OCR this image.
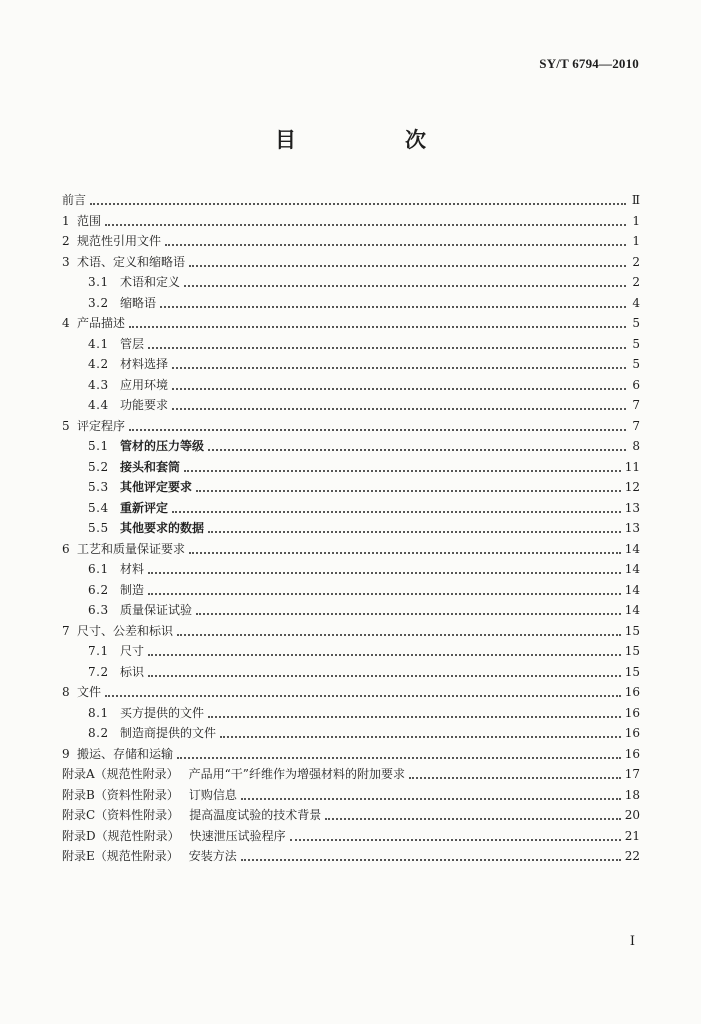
SY/T 6794—2010
目　次
前言	Ⅱ
1 范围	1
2 规范性引用文件	1
3 术语、定义和缩略语	2
3.1 术语和定义	2
3.2 缩略语	4
4 产品描述	5
4.1 管层	5
4.2 材料选择	5
4.3 应用环境	6
4.4 功能要求	7
5 评定程序	7
5.1 管材的压力等级	8
5.2 接头和套筒	11
5.3 其他评定要求	12
5.4 重新评定	13
5.5 其他要求的数据	13
6 工艺和质量保证要求	14
6.1 材料	14
6.2 制造	14
6.3 质量保证试验	14
7 尺寸、公差和标识	15
7.1 尺寸	15
7.2 标识	15
8 文件	16
8.1 买方提供的文件	16
8.2 制造商提供的文件	16
9 搬运、存储和运输	16
附录A（规范性附录） 产品用“干”纤维作为增强材料的附加要求	17
附录B（资料性附录） 订购信息	18
附录C（资料性附录） 提高温度试验的技术背景	20
附录D（规范性附录） 快速泄压试验程序	21
附录E（规范性附录） 安装方法	22
I
